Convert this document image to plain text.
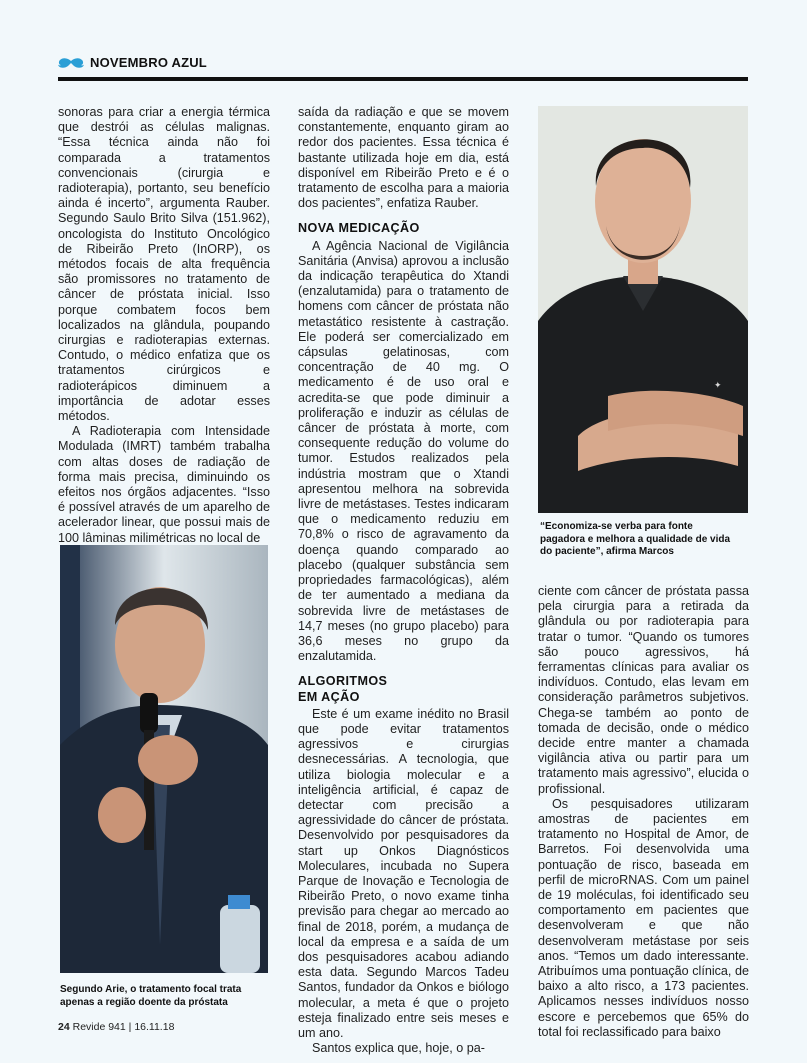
NOVEMBRO AZUL

sonoras para criar a energia térmica que destrói as células malignas. “Essa técnica ainda não foi comparada a tratamentos convencionais (cirurgia e radioterapia), portanto, seu benefício ainda é incerto”, argumenta Rauber. Segundo Saulo Brito Silva (151.962), oncologista do Instituto Oncológico de Ribeirão Preto (InORP), os métodos focais de alta frequência são promissores no tratamento de câncer de próstata inicial. Isso porque combatem focos bem localizados na glândula, poupando cirurgias e radioterapias externas. Contudo, o médico enfatiza que os tratamentos cirúrgicos e radioterápicos diminuem a importância de adotar esses métodos.

A Radioterapia com Intensidade Modulada (IMRT) também trabalha com altas doses de radiação de forma mais precisa, diminuindo os efeitos nos órgãos adjacentes. “Isso é possível através de um aparelho de acelerador linear, que possui mais de 100 lâminas milimétricas no local de

Segundo Arie, o tratamento focal trata apenas a região doente da próstata

saída da radiação e que se movem constantemente, enquanto giram ao redor dos pacientes. Essa técnica é bastante utilizada hoje em dia, está disponível em Ribeirão Preto e é o tratamento de escolha para a maioria dos pacientes”, enfatiza Rauber.

NOVA MEDICAÇÃO

A Agência Nacional de Vigilância Sanitária (Anvisa) aprovou a inclusão da indicação terapêutica do Xtandi (enzalutamida) para o tratamento de homens com câncer de próstata não metastático resistente à castração. Ele poderá ser comercializado em cápsulas gelatinosas, com concentração de 40 mg. O medicamento é de uso oral e acredita-se que pode diminuir a proliferação e induzir as células de câncer de próstata à morte, com consequente redução do volume do tumor. Estudos realizados pela indústria mostram que o Xtandi apresentou melhora na sobrevida livre de metástases. Testes indicaram que o medicamento reduziu em 70,8% o risco de agravamento da doença quando comparado ao placebo (qualquer substância sem propriedades farmacológicas), além de ter aumentado a mediana da sobrevida livre de metástases de 14,7 meses (no grupo placebo) para 36,6 meses no grupo da enzalutamida.

ALGORITMOS
EM AÇÃO

Este é um exame inédito no Brasil que pode evitar tratamentos agressivos e cirurgias desnecessárias. A tecnologia, que utiliza biologia molecular e a inteligência artificial, é capaz de detectar com precisão a agressividade do câncer de próstata. Desenvolvido por pesquisadores da start up Onkos Diagnósticos Moleculares, incubada no Supera Parque de Inovação e Tecnologia de Ribeirão Preto, o novo exame tinha previsão para chegar ao mercado ao final de 2018, porém, a mudança de local da empresa e a saída de um dos pesquisadores acabou adiando esta data. Segundo Marcos Tadeu Santos, fundador da Onkos e biólogo molecular, a meta é que o projeto esteja finalizado entre seis meses e um ano.

Santos explica que, hoje, o pa-

✦
“Economiza-se verba para fonte pagadora e melhora a qualidade de vida do paciente”, afirma Marcos

ciente com câncer de próstata passa pela cirurgia para a retirada da glândula ou por radioterapia para tratar o tumor. “Quando os tumores são pouco agressivos, há ferramentas clínicas para avaliar os indivíduos. Contudo, elas levam em consideração parâmetros subjetivos. Chega-se também ao ponto de tomada de decisão, onde o médico decide entre manter a chamada vigilância ativa ou partir para um tratamento mais agressivo”, elucida o profissional.

Os pesquisadores utilizaram amostras de pacientes em tratamento no Hospital de Amor, de Barretos. Foi desenvolvida uma pontuação de risco, baseada em perfil de microRNAS. Com um painel de 19 moléculas, foi identificado seu comportamento em pacientes que desenvolveram e que não desenvolveram metástase por seis anos. “Temos um dado interessante. Atribuímos uma pontuação clínica, de baixo a alto risco, a 173 pacientes. Aplicamos nesses indivíduos nosso escore e percebemos que 65% do total foi reclassificado para baixo

24 Revide 941 | 16.11.18
